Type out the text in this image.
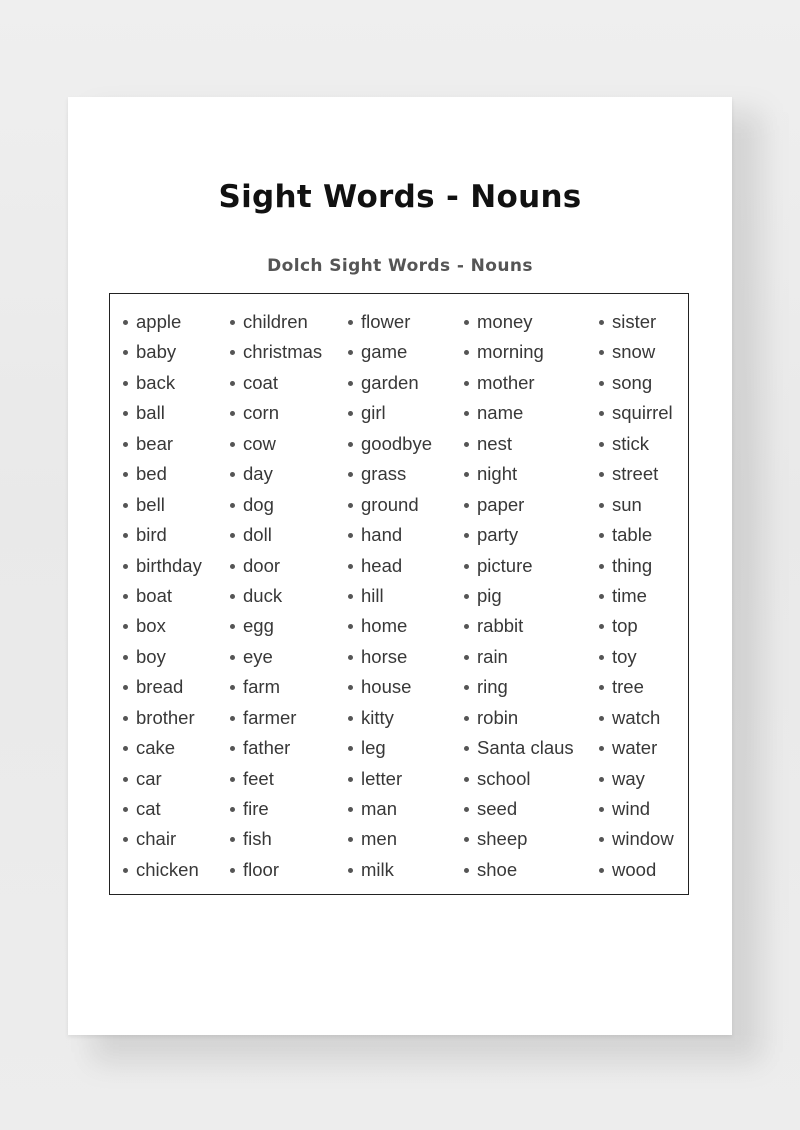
Sight Words - Nouns
Dolch Sight Words - Nouns
apple
baby
back
ball
bear
bed
bell
bird
birthday
boat
box
boy
bread
brother
cake
car
cat
chair
chicken
children
christmas
coat
corn
cow
day
dog
doll
door
duck
egg
eye
farm
farmer
father
feet
fire
fish
floor
flower
game
garden
girl
goodbye
grass
ground
hand
head
hill
home
horse
house
kitty
leg
letter
man
men
milk
money
morning
mother
name
nest
night
paper
party
picture
pig
rabbit
rain
ring
robin
Santa claus
school
seed
sheep
shoe
sister
snow
song
squirrel
stick
street
sun
table
thing
time
top
toy
tree
watch
water
way
wind
window
wood
